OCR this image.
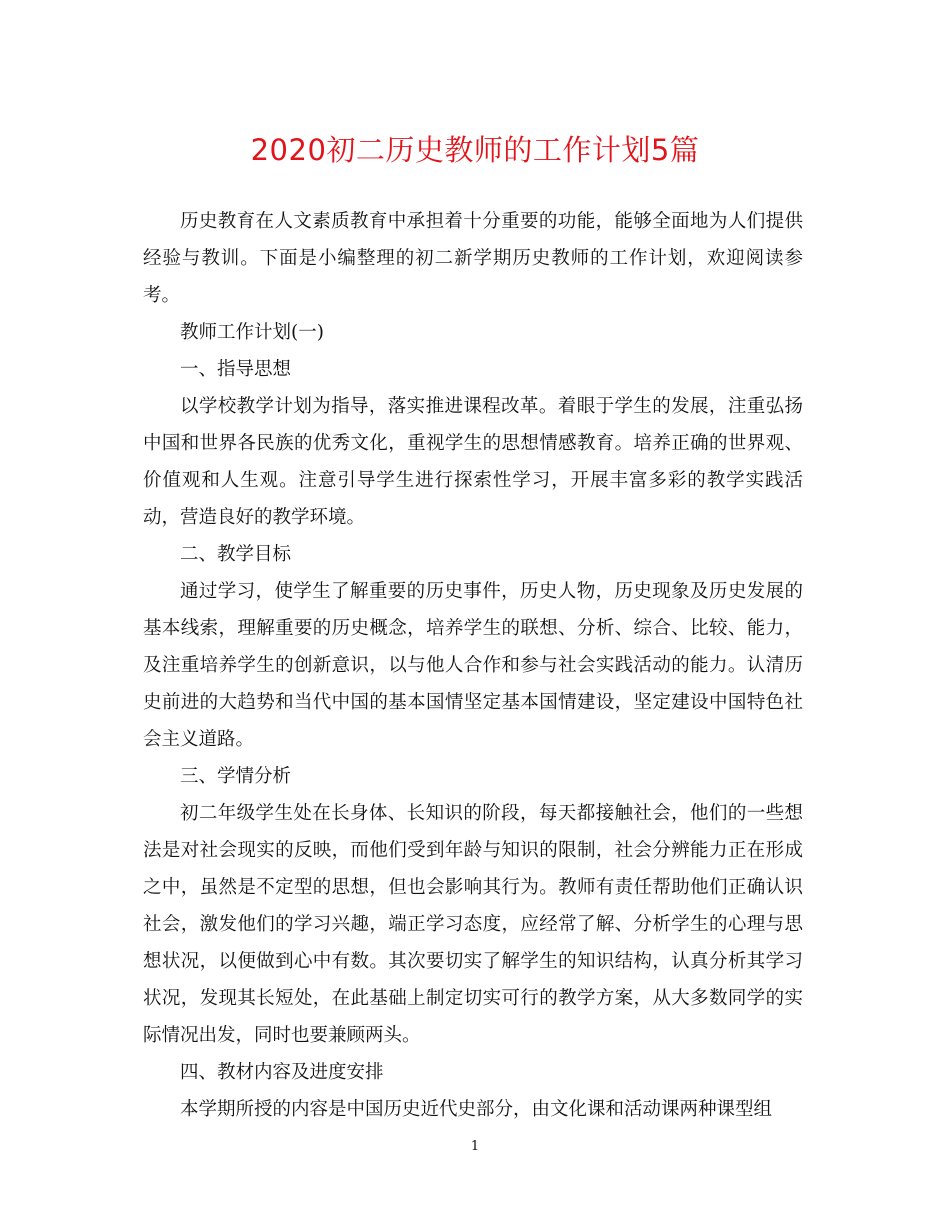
2020初二历史教师的工作计划5篇

历史教育在人文素质教育中承担着十分重要的功能，能够全面地为人们提供经验与教训。下面是小编整理的初二新学期历史教师的工作计划，欢迎阅读参考。

教师工作计划(一)

一、指导思想

以学校教学计划为指导，落实推进课程改革。着眼于学生的发展，注重弘扬中国和世界各民族的优秀文化，重视学生的思想情感教育。培养正确的世界观、价值观和人生观。注意引导学生进行探索性学习，开展丰富多彩的教学实践活动，营造良好的教学环境。

二、教学目标

通过学习，使学生了解重要的历史事件，历史人物，历史现象及历史发展的基本线索，理解重要的历史概念，培养学生的联想、分析、综合、比较、能力，及注重培养学生的创新意识，以与他人合作和参与社会实践活动的能力。认清历史前进的大趋势和当代中国的基本国情坚定基本国情建设，坚定建设中国特色社会主义道路。

三、学情分析

初二年级学生处在长身体、长知识的阶段，每天都接触社会，他们的一些想法是对社会现实的反映，而他们受到年龄与知识的限制，社会分辨能力正在形成之中，虽然是不定型的思想，但也会影响其行为。教师有责任帮助他们正确认识社会，激发他们的学习兴趣，端正学习态度，应经常了解、分析学生的心理与思想状况，以便做到心中有数。其次要切实了解学生的知识结构，认真分析其学习状况，发现其长短处，在此基础上制定切实可行的教学方案，从大多数同学的实际情况出发，同时也要兼顾两头。

四、教材内容及进度安排

本学期所授的内容是中国历史近代史部分，由文化课和活动课两种课型组

1
